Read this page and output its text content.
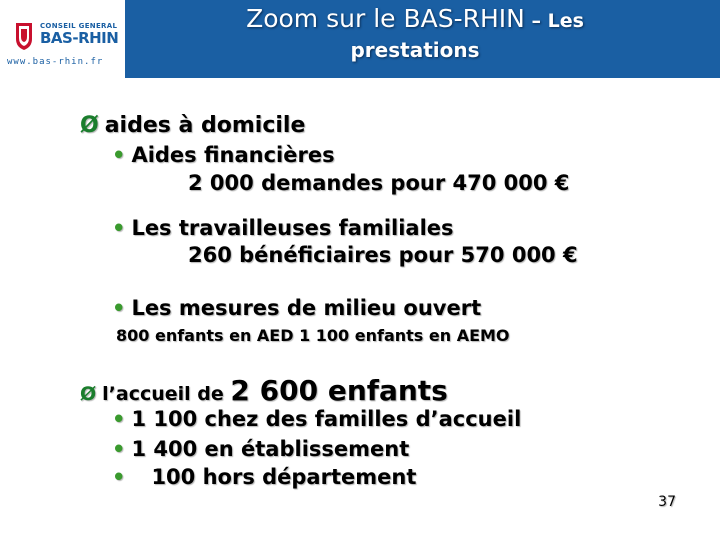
CONSEIL GENERAL
BAS-RHIN
www.bas-rhin.fr
Zoom sur le BAS-RHIN – Les
prestations
Ø aides à domicile
• Aides financières
2 000 demandes pour 470 000 €
• Les travailleuses familiales
260 bénéficiaires pour 570 000 €
• Les mesures de milieu ouvert
800 enfants en AED 1 100 enfants en AEMO
Ø l’accueil de 2 600 enfants
• 1 100 chez des familles d’accueil
• 1 400 en établissement
• 100 hors département
37
